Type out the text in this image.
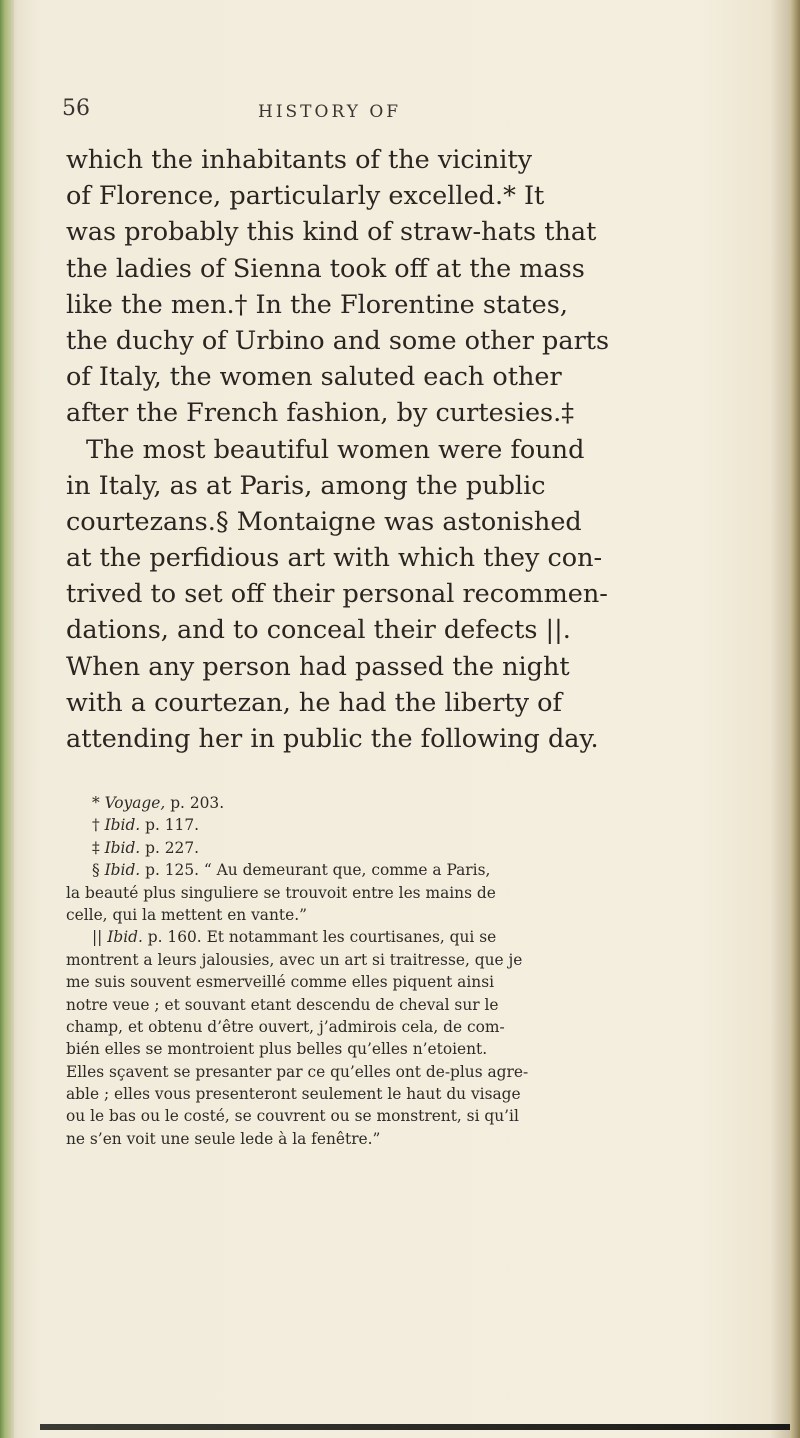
56	HISTORY OF
which the inhabitants of the vicinity
of Florence, particularly excelled.* It
was probably this kind of straw-hats that
the ladies of Sienna took off at the mass
like the men.† In the Florentine states,
the duchy of Urbino and some other parts
of Italy, the women saluted each other
after the French fashion, by curtesies.‡
The most beautiful women were found
in Italy, as at Paris, among the public
courtezans.§ Montaigne was astonished
at the perfidious art with which they con-
trived to set off their personal recommen-
dations, and to conceal their defects ||.
When any person had passed the night
with a courtezan, he had the liberty of
attending her in public the following day.
* Voyage, p. 203.
† Ibid. p. 117.
‡ Ibid. p. 227.
§ Ibid. p. 125. “ Au demeurant que, comme a Paris,
la beauté plus singuliere se trouvoit entre les mains de
celle, qui la mettent en vante.”
|| Ibid. p. 160. Et notammant les courtisanes, qui se
montrent a leurs jalousies, avec un art si traitresse, que je
me suis souvent esmerveillé comme elles piquent ainsi
notre veue ; et souvant etant descendu de cheval sur le
champ, et obtenu d’être ouvert, j’admirois cela, de com-
bién elles se montroient plus belles qu’elles n’etoient.
Elles sçavent se presanter par ce qu’elles ont de-plus agre-
able ; elles vous presenteront seulement le haut du visage
ou le bas ou le costé, se couvrent ou se monstrent, si qu’il
ne s’en voit une seule lede à la fenêtre.”
